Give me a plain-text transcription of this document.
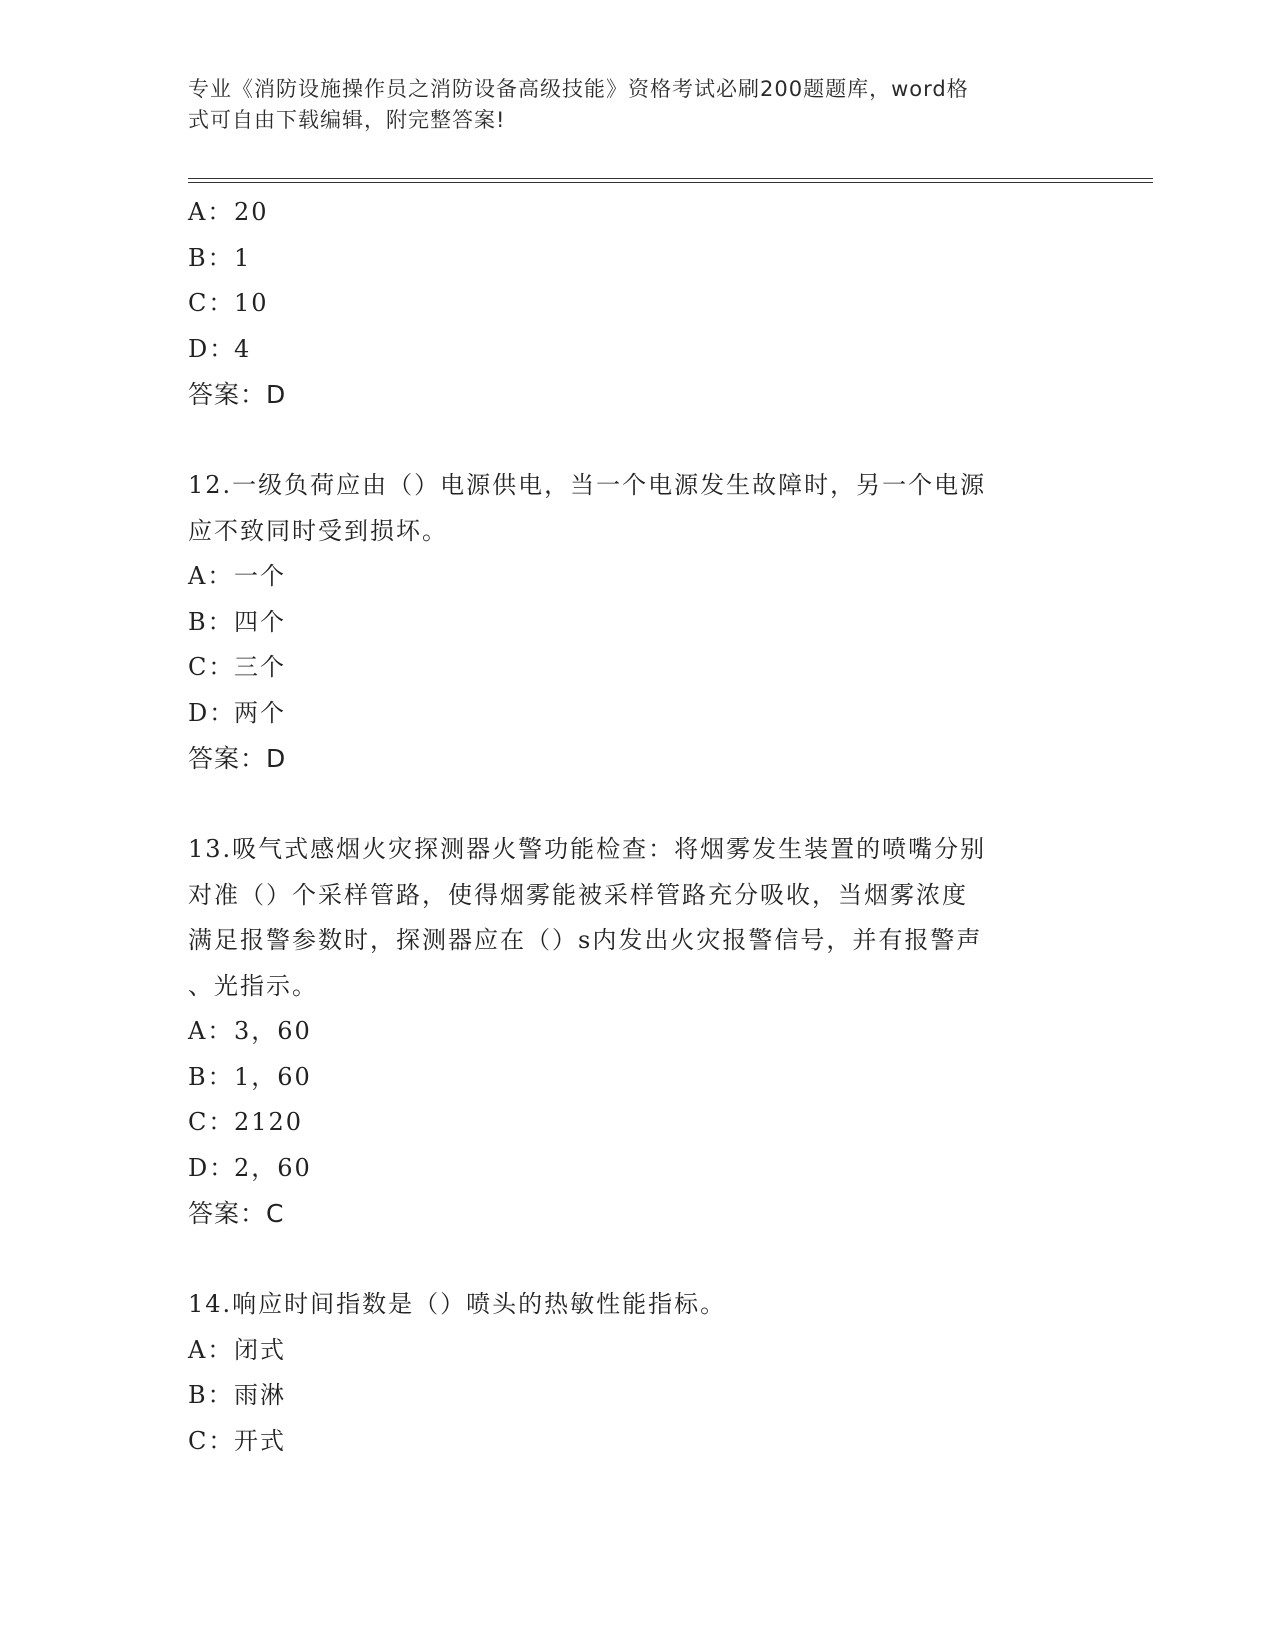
专业《消防设施操作员之消防设备高级技能》资格考试必刷200题题库，word格
式可自由下载编辑，附完整答案!
A：20
B：1
C：10
D：4
答案：D
12.一级负荷应由（）电源供电，当一个电源发生故障时，另一个电源
应不致同时受到损坏。
A：一个
B：四个
C：三个
D：两个
答案：D
13.吸气式感烟火灾探测器火警功能检查：将烟雾发生装置的喷嘴分别
对准（）个采样管路，使得烟雾能被采样管路充分吸收，当烟雾浓度
满足报警参数时，探测器应在（）s内发出火灾报警信号，并有报警声
、光指示。
A：3，60
B：1，60
C：2120
D：2，60
答案：C
14.响应时间指数是（）喷头的热敏性能指标。
A：闭式
B：雨淋
C：开式
